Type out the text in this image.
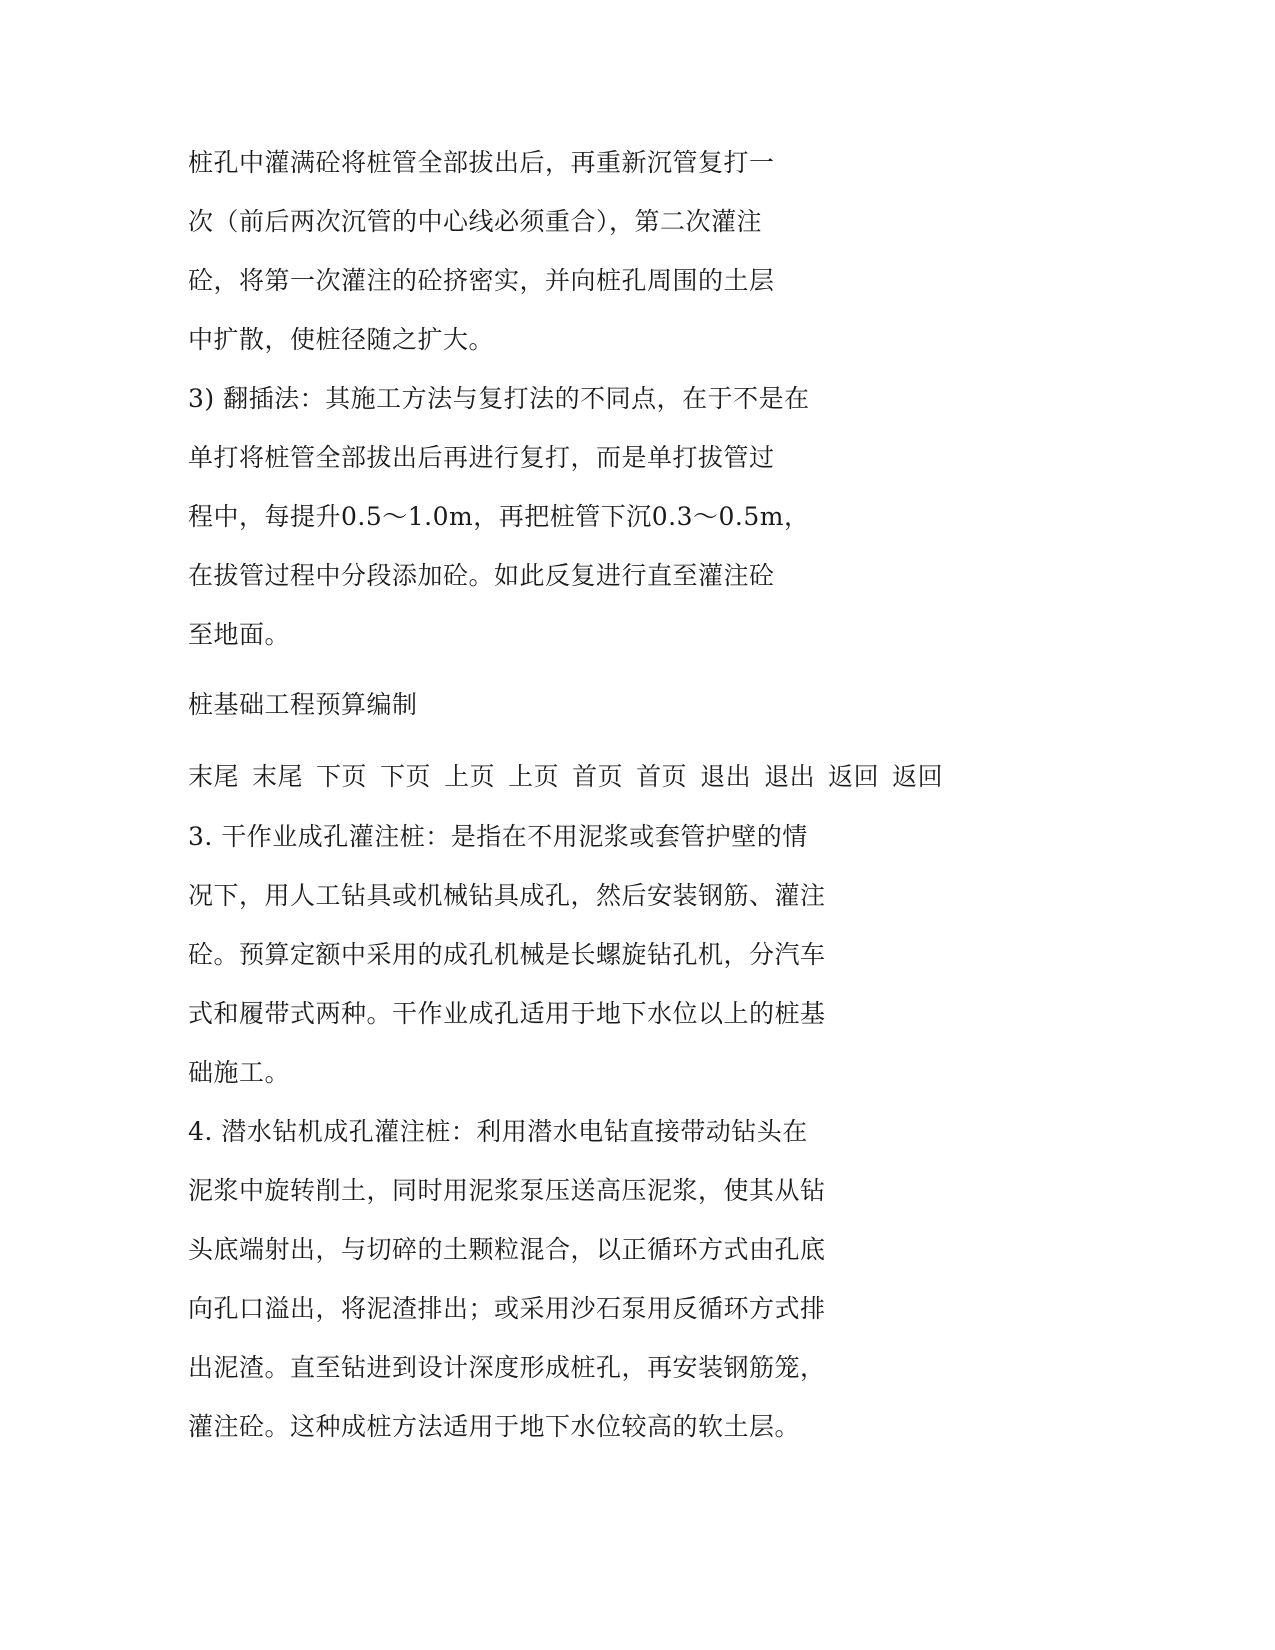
桩孔中灌满砼将桩管全部拔出后，再重新沉管复打一
次（前后两次沉管的中心线必须重合），第二次灌注
砼，将第一次灌注的砼挤密实，并向桩孔周围的土层
中扩散，使桩径随之扩大。
3) 翻插法：其施工方法与复打法的不同点，在于不是在
单打将桩管全部拔出后再进行复打，而是单打拔管过
程中，每提升0.5～1.0m，再把桩管下沉0.3～0.5m，
在拔管过程中分段添加砼。如此反复进行直至灌注砼
至地面。
桩基础工程预算编制
末尾 末尾 下页 下页 上页 上页 首页 首页 退出 退出 返回 返回
3. 干作业成孔灌注桩：是指在不用泥浆或套管护壁的情
况下，用人工钻具或机械钻具成孔，然后安装钢筋、灌注
砼。预算定额中采用的成孔机械是长螺旋钻孔机，分汽车
式和履带式两种。干作业成孔适用于地下水位以上的桩基
础施工。
4. 潜水钻机成孔灌注桩：利用潜水电钻直接带动钻头在
泥浆中旋转削土，同时用泥浆泵压送高压泥浆，使其从钻
头底端射出，与切碎的土颗粒混合，以正循环方式由孔底
向孔口溢出，将泥渣排出；或采用沙石泵用反循环方式排
出泥渣。直至钻进到设计深度形成桩孔，再安装钢筋笼，
灌注砼。这种成桩方法适用于地下水位较高的软土层。
